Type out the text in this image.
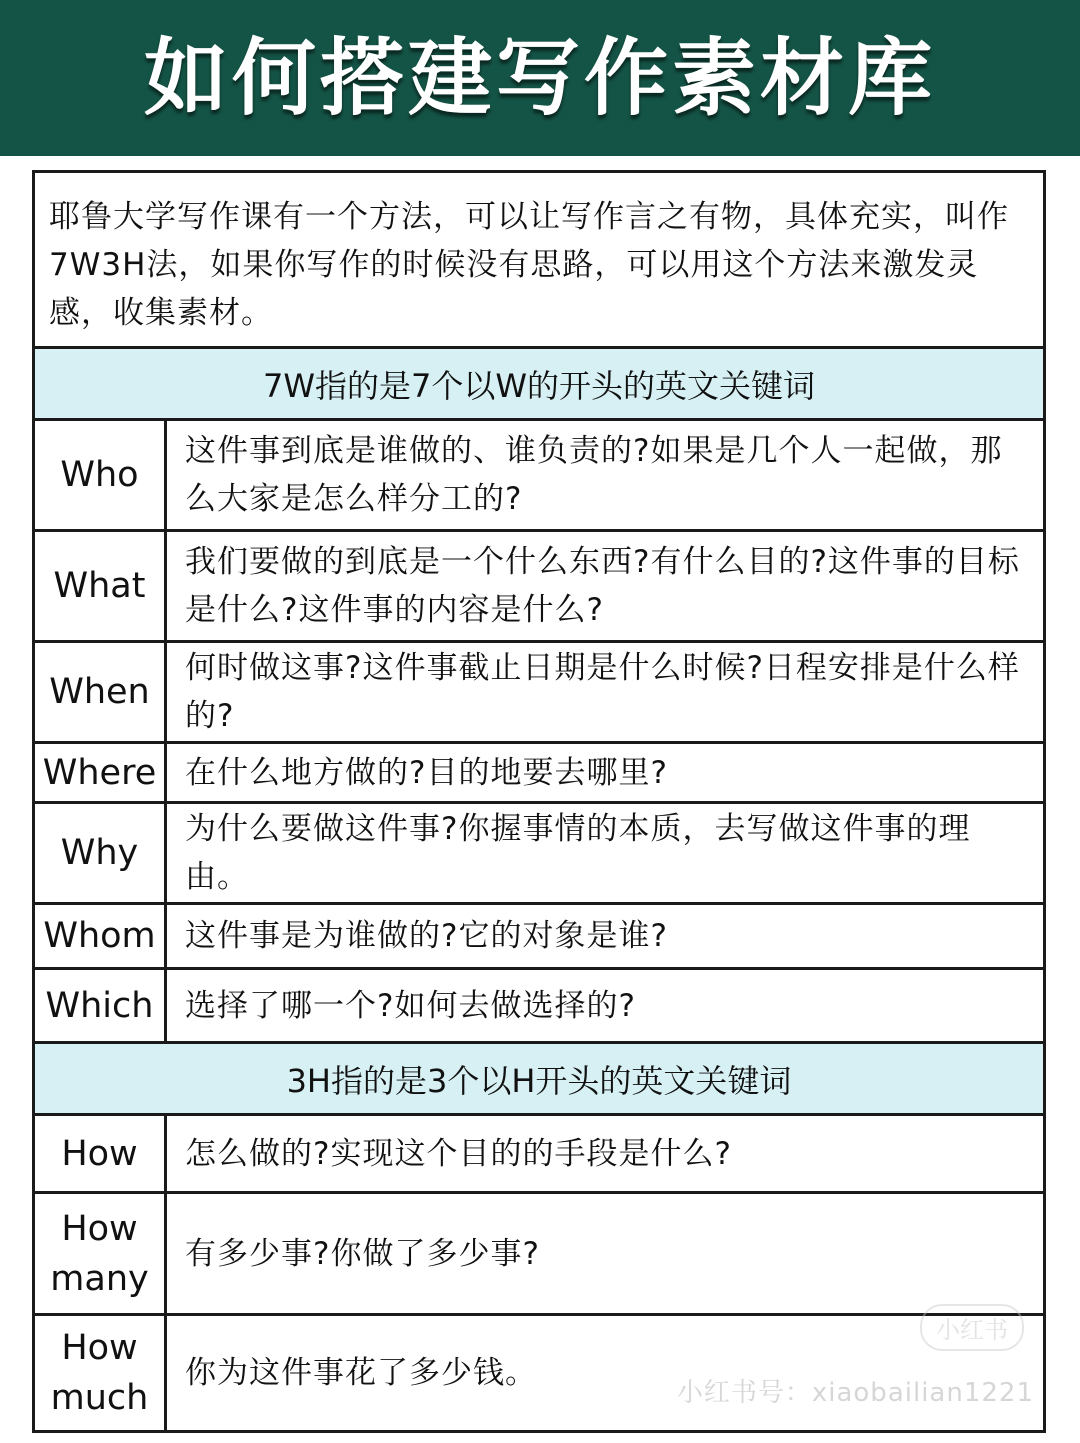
如何搭建写作素材库
耶鲁大学写作课有一个方法，可以让写作言之有物，具体充实，叫作7W3H法，如果你写作的时候没有思路，可以用这个方法来激发灵感，收集素材。
7W指的是7个以W的开头的英文关键词
Who
这件事到底是谁做的、谁负责的?如果是几个人一起做，那么大家是怎么样分工的?
What
我们要做的到底是一个什么东西?有什么目的?这件事的目标是什么?这件事的内容是什么?
When
何时做这事?这件事截止日期是什么时候?日程安排是什么样的?
Where 在什么地方做的?目的地要去哪里?
Why
为什么要做这件事?你握事情的本质，去写做这件事的理由。
Whom 这件事是为谁做的?它的对象是谁?
Which	选择了哪一个?如何去做选择的?
3H指的是3个以H开头的英文关键词
How	怎么做的?实现这个目的的手段是什么?
How
many
有多少事?你做了多少事?
How
much
你为这件事花了多少钱。
小红书
小红书号：xiaobailian1221
